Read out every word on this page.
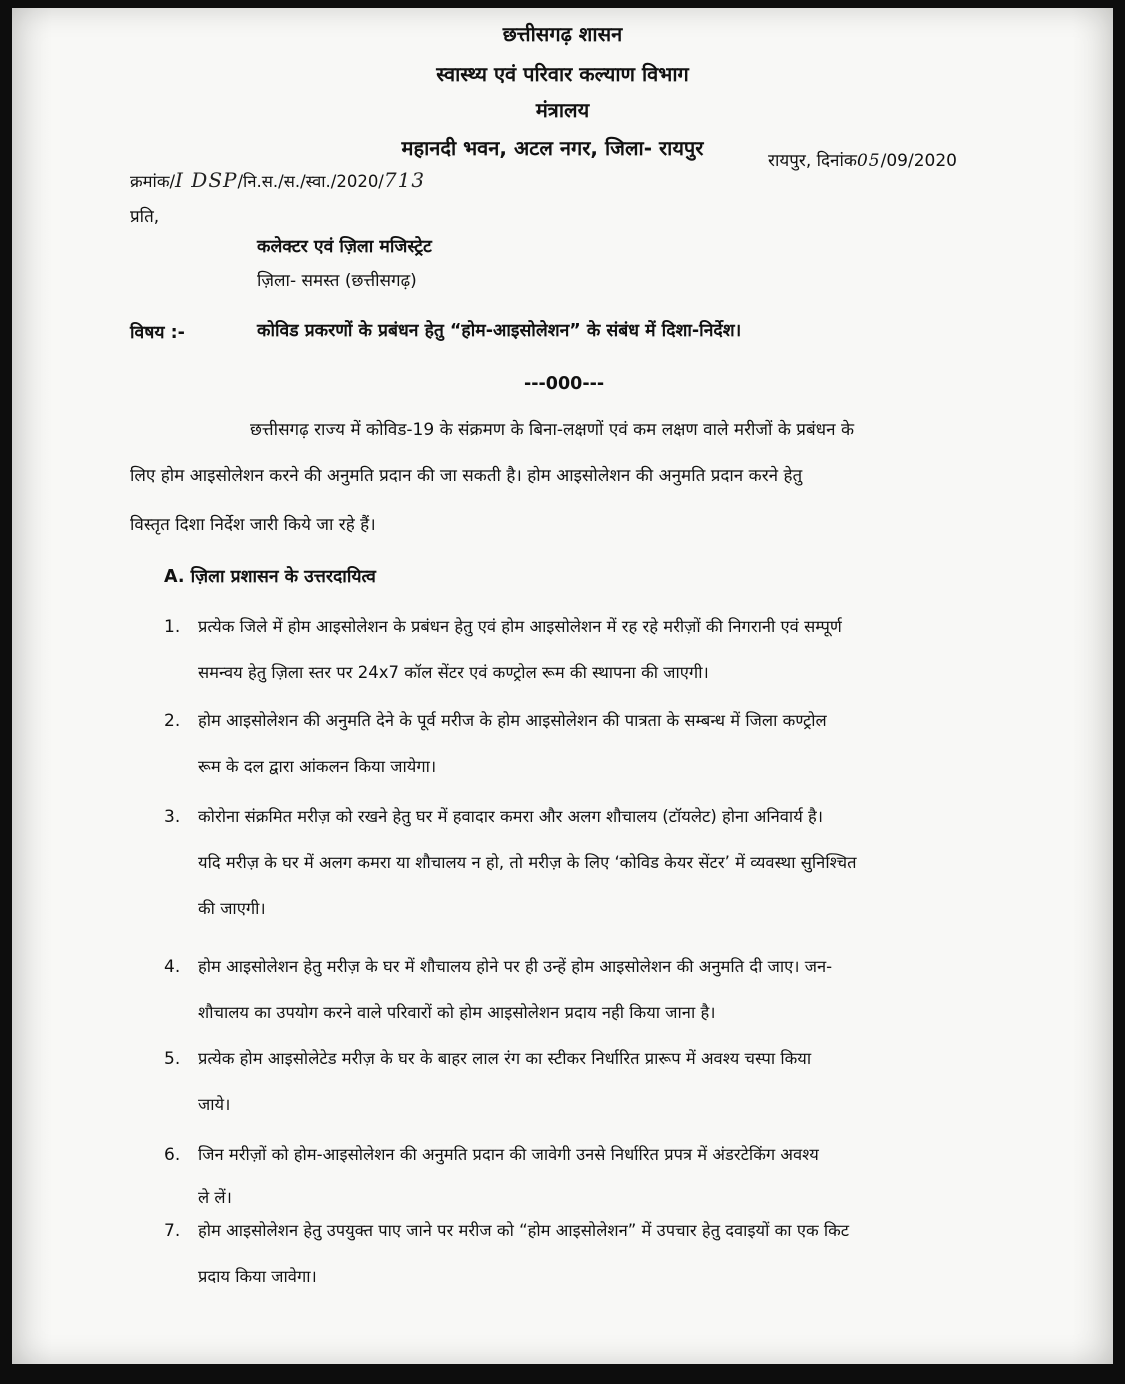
छत्तीसगढ़ शासन
स्वास्थ्य एवं परिवार कल्याण विभाग
मंत्रालय
महानदी भवन, अटल नगर, जिला- रायपुर
क्रमांक/I DSP/नि.स./स./स्वा./2020/713
रायपुर, दिनांक05/09/2020
प्रति,
कलेक्टर एवं ज़िला मजिस्ट्रेट
ज़िला- समस्त (छत्तीसगढ़)
विषय :-	कोविड प्रकरणों के प्रबंधन हेतु “होम-आइसोलेशन” के संबंध में दिशा-निर्देश।
---000---
छत्तीसगढ़ राज्य में कोविड-19 के संक्रमण के बिना-लक्षणों एवं कम लक्षण वाले मरीजों के प्रबंधन के
लिए होम आइसोलेशन करने की अनुमति प्रदान की जा सकती है। होम आइसोलेशन की अनुमति प्रदान करने हेतु
विस्तृत दिशा निर्देश जारी किये जा रहे हैं।
A. ज़िला प्रशासन के उत्तरदायित्व
1. प्रत्येक जिले में होम आइसोलेशन के प्रबंधन हेतु एवं होम आइसोलेशन में रह रहे मरीज़ों की निगरानी एवं सम्पूर्ण
समन्वय हेतु ज़िला स्तर पर 24x7 कॉल सेंटर एवं कण्ट्रोल रूम की स्थापना की जाएगी।
2. होम आइसोलेशन की अनुमति देने के पूर्व मरीज के होम आइसोलेशन की पात्रता के सम्बन्ध में जिला कण्ट्रोल
रूम के दल द्वारा आंकलन किया जायेगा।
3. कोरोना संक्रमित मरीज़ को रखने हेतु घर में हवादार कमरा और अलग शौचालय (टॉयलेट) होना अनिवार्य है।
यदि मरीज़ के घर में अलग कमरा या शौचालय न हो, तो मरीज़ के लिए ‘कोविड केयर सेंटर’ में व्यवस्था सुनिश्चित
की जाएगी।
4. होम आइसोलेशन हेतु मरीज़ के घर में शौचालय होने पर ही उन्हें होम आइसोलेशन की अनुमति दी जाए। जन-
शौचालय का उपयोग करने वाले परिवारों को होम आइसोलेशन प्रदाय नही किया जाना है।
5. प्रत्येक होम आइसोलेटेड मरीज़ के घर के बाहर लाल रंग का स्टीकर निर्धारित प्रारूप में अवश्य चस्पा किया
जाये।
6. जिन मरीज़ों को होम-आइसोलेशन की अनुमति प्रदान की जावेगी उनसे निर्धारित प्रपत्र में अंडरटेकिंग अवश्य
ले लें।
7. होम आइसोलेशन हेतु उपयुक्त पाए जाने पर मरीज को “होम आइसोलेशन” में उपचार हेतु दवाइयों का एक किट
प्रदाय किया जावेगा।
